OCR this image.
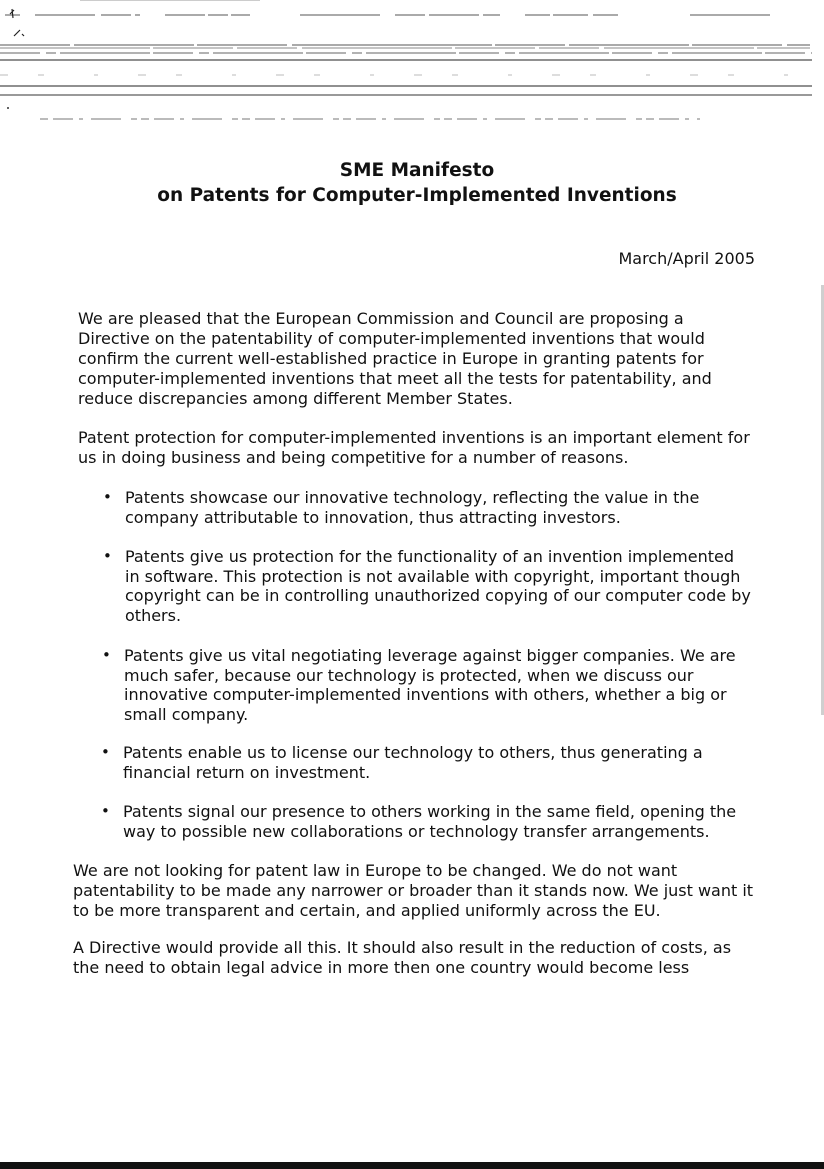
SME Manifesto
on Patents for Computer-Implemented Inventions
March/April 2005

We are pleased that the European Commission and Council are proposing a Directive on the patentability of computer-implemented inventions that would confirm the current well-established practice in Europe in granting patents for computer-implemented inventions that meet all the tests for patentability, and reduce discrepancies among different Member States.

Patent protection for computer-implemented inventions is an important element for us in doing business and being competitive for a number of reasons.

• Patents showcase our innovative technology, reflecting the value in the company attributable to innovation, thus attracting investors.
• Patents give us protection for the functionality of an invention implemented in software. This protection is not available with copyright, important though copyright can be in controlling unauthorized copying of our computer code by others.
• Patents give us vital negotiating leverage against bigger companies. We are much safer, because our technology is protected, when we discuss our innovative computer-implemented inventions with others, whether a big or small company.
• Patents enable us to license our technology to others, thus generating a financial return on investment.
• Patents signal our presence to others working in the same field, opening the way to possible new collaborations or technology transfer arrangements.

We are not looking for patent law in Europe to be changed. We do not want patentability to be made any narrower or broader than it stands now. We just want it to be more transparent and certain, and applied uniformly across the EU.

A Directive would provide all this. It should also result in the reduction of costs, as the need to obtain legal advice in more then one country would become less
